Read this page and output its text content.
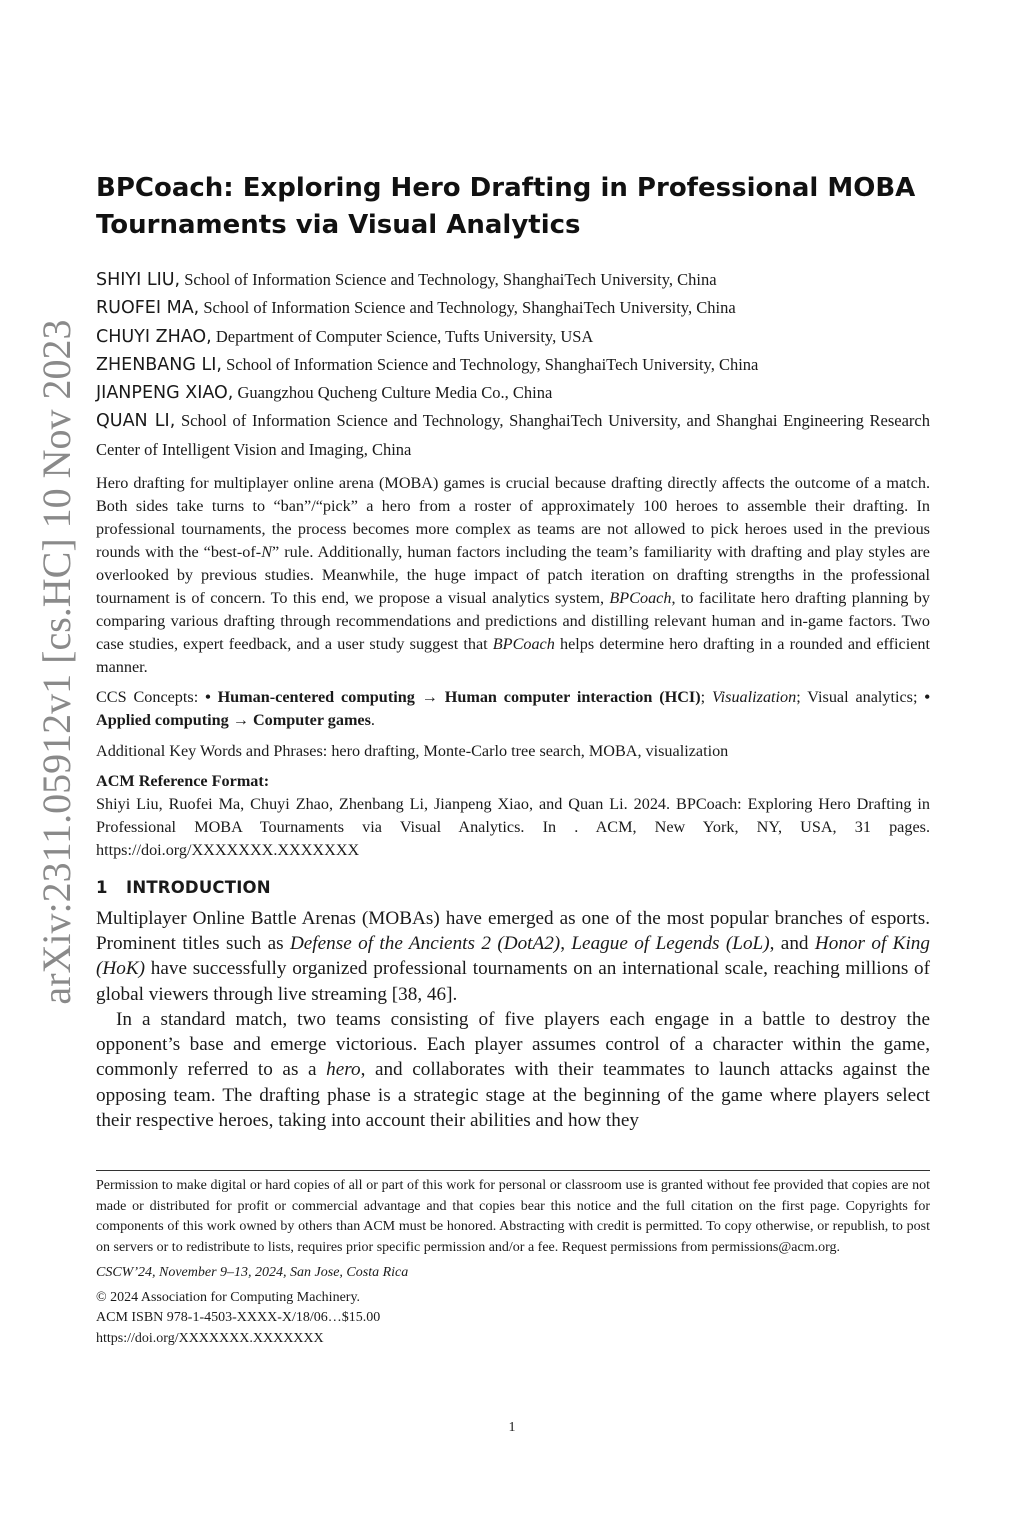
arXiv:2311.05912v1 [cs.HC] 10 Nov 2023
BPCoach: Exploring Hero Drafting in Professional MOBA Tournaments via Visual Analytics
SHIYI LIU, School of Information Science and Technology, ShanghaiTech University, China
RUOFEI MA, School of Information Science and Technology, ShanghaiTech University, China
CHUYI ZHAO, Department of Computer Science, Tufts University, USA
ZHENBANG LI, School of Information Science and Technology, ShanghaiTech University, China
JIANPENG XIAO, Guangzhou Qucheng Culture Media Co., China
QUAN LI, School of Information Science and Technology, ShanghaiTech University, and Shanghai Engineering Research Center of Intelligent Vision and Imaging, China
Hero drafting for multiplayer online arena (MOBA) games is crucial because drafting directly affects the outcome of a match. Both sides take turns to “ban”/“pick” a hero from a roster of approximately 100 heroes to assemble their drafting. In professional tournaments, the process becomes more complex as teams are not allowed to pick heroes used in the previous rounds with the “best-of-N” rule. Additionally, human factors including the team’s familiarity with drafting and play styles are overlooked by previous studies. Meanwhile, the huge impact of patch iteration on drafting strengths in the professional tournament is of concern. To this end, we propose a visual analytics system, BPCoach, to facilitate hero drafting planning by comparing various drafting through recommendations and predictions and distilling relevant human and in-game factors. Two case studies, expert feedback, and a user study suggest that BPCoach helps determine hero drafting in a rounded and efficient manner.
CCS Concepts: • Human-centered computing → Human computer interaction (HCI); Visualization; Visual analytics; • Applied computing → Computer games.
Additional Key Words and Phrases: hero drafting, Monte-Carlo tree search, MOBA, visualization
ACM Reference Format:
Shiyi Liu, Ruofei Ma, Chuyi Zhao, Zhenbang Li, Jianpeng Xiao, and Quan Li. 2024. BPCoach: Exploring Hero Drafting in Professional MOBA Tournaments via Visual Analytics. In . ACM, New York, NY, USA, 31 pages. https://doi.org/XXXXXXX.XXXXXXX
1 INTRODUCTION

Multiplayer Online Battle Arenas (MOBAs) have emerged as one of the most popular branches of esports. Prominent titles such as Defense of the Ancients 2 (DotA2), League of Legends (LoL), and Honor of King (HoK) have successfully organized professional tournaments on an international scale, reaching millions of global viewers through live streaming [38, 46].

In a standard match, two teams consisting of five players each engage in a battle to destroy the opponent’s base and emerge victorious. Each player assumes control of a character within the game, commonly referred to as a hero, and collaborates with their teammates to launch attacks against the opposing team. The drafting phase is a strategic stage at the beginning of the game where players select their respective heroes, taking into account their abilities and how they

Permission to make digital or hard copies of all or part of this work for personal or classroom use is granted without fee provided that copies are not made or distributed for profit or commercial advantage and that copies bear this notice and the full citation on the first page. Copyrights for components of this work owned by others than ACM must be honored. Abstracting with credit is permitted. To copy otherwise, or republish, to post on servers or to redistribute to lists, requires prior specific permission and/or a fee. Request permissions from permissions@acm.org.
CSCW’24, November 9–13, 2024, San Jose, Costa Rica
© 2024 Association for Computing Machinery.
ACM ISBN 978-1-4503-XXXX-X/18/06…$15.00
https://doi.org/XXXXXXX.XXXXXXX
1
